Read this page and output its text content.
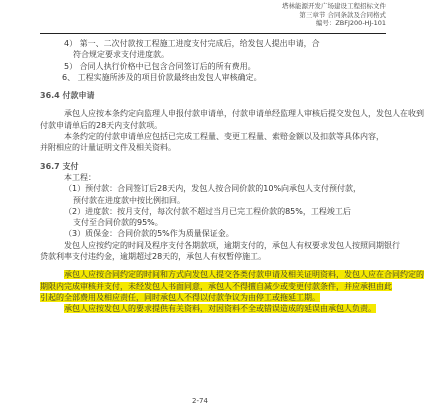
塔林能源开发广场建设工程招标文件
第三章节 合同条款及合同格式
编号：ZBFJ200-HJ-101
4） 第一、二次付款按工程施工进度支付完成后，给发包人提出申请，合
符合规定要求支付进度款。
5） 合同人执行价格中已包含合同签订后的所有费用。
6、 工程实施所涉及的项目价款最终由发包人审核确定。
36.4 付款申请
承包人应按本条约定向监理人申报付款申请单，付款申请单经监理人审核后提交发包人，发包人在收到
付款申请单后的28天内支付款项。
本条约定的付款申请单应包括已完成工程量、变更工程量、索赔金额以及扣款等具体内容，
并附相应的计量证明文件及相关资料。
36.7 支付
本工程：
（1）预付款：合同签订后28天内，发包人按合同价款的10%向承包人支付预付款，
预付款在进度款中按比例扣回。
（2）进度款：按月支付，每次付款不超过当月已完工程价款的85%，工程竣工后
支付至合同价款的95%。
（3）质保金：合同价款的5%作为质量保证金。
发包人应按约定的时间及程序支付各期款项，逾期支付的，承包人有权要求发包人按照同期银行
贷款利率支付违约金，逾期超过28天的，承包人有权暂停施工。
承包人应按合同约定的时间和方式向发包人提交各类付款申请及相关证明资料，发包人应在合同约定的
期限内完成审核并支付，未经发包人书面同意，承包人不得擅自减少或变更付款条件，并应承担由此
引起的全部费用及相应责任，同时承包人不得以付款争议为由停工或拖延工期。
承包人应按发包人的要求提供有关资料，对因资料不全或错误造成的延误由承包人负责。
2-74
